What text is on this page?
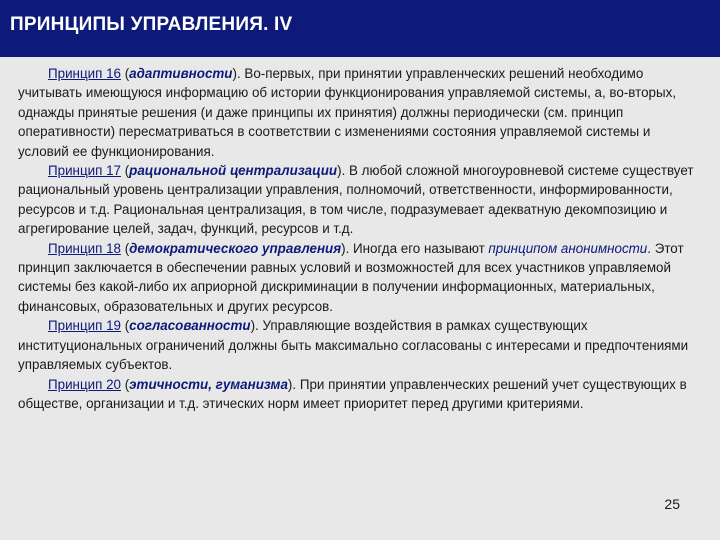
ПРИНЦИПЫ УПРАВЛЕНИЯ. IV

Принцип 16 (адаптивности). Во-первых, при принятии управленческих решений необходимо учитывать имеющуюся информацию об истории функционирования управляемой системы, а, во-вторых, однажды принятые решения (и даже принципы их принятия) должны периодически (см. принцип оперативности) пересматриваться в соответствии с изменениями состояния управляемой системы и условий ее функционирования.

Принцип 17 (рациональной централизации). В любой сложной многоуровневой системе существует рациональный уровень централизации управления, полномочий, ответственности, информированности, ресурсов и т.д. Рациональная централизация, в том числе, подразумевает адекватную декомпозицию и агрегирование целей, задач, функций, ресурсов и т.д.

Принцип 18 (демократического управления). Иногда его называют принципом анонимности. Этот принцип заключается в обеспечении равных условий и возможностей для всех участников управляемой системы без какой-либо их априорной дискриминации в получении информационных, материальных, финансовых, образовательных и других ресурсов.

Принцип 19 (согласованности). Управляющие воздействия в рамках существующих институциональных ограничений должны быть максимально согласованы с интересами и предпочтениями управляемых субъектов.

Принцип 20 (этичности, гуманизма). При принятии управленческих решений учет существующих в обществе, организации и т.д. этических норм имеет приоритет перед другими критериями.

25
